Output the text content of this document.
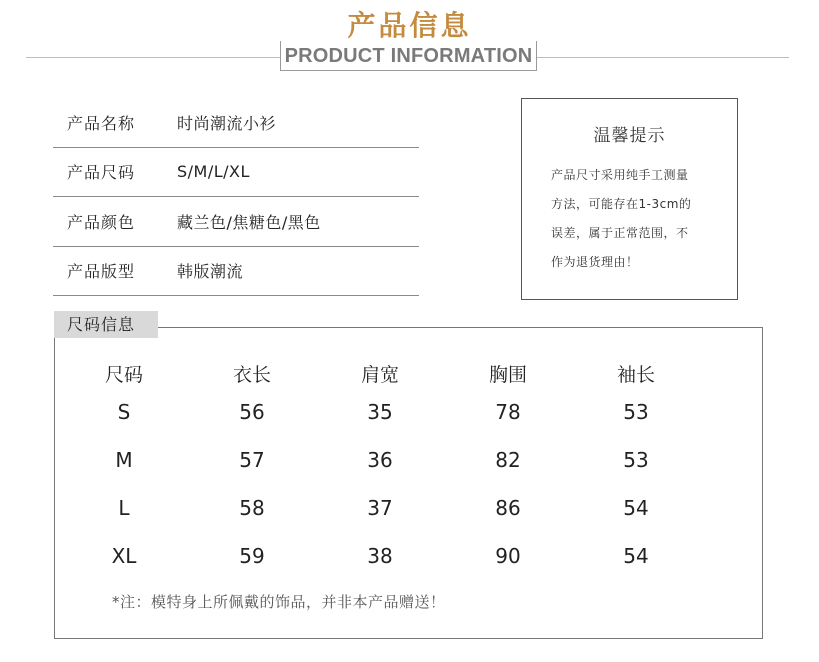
产品信息
PRODUCT INFORMATION
产品名称	时尚潮流小衫
产品尺码	S/M/L/XL
产品颜色	藏兰色/焦糖色/黑色
产品版型	韩版潮流
温馨提示
产品尺寸采用纯手工测量
方法，可能存在1-3cm的
误差，属于正常范围，不
作为退货理由！
尺码信息
尺码	衣长	肩宽	胸围	袖长
S	56	35	78	53
M	57	36	82	53
L	58	37	86	54
XL	59	38	90	54
*注：模特身上所佩戴的饰品，并非本产品赠送！
